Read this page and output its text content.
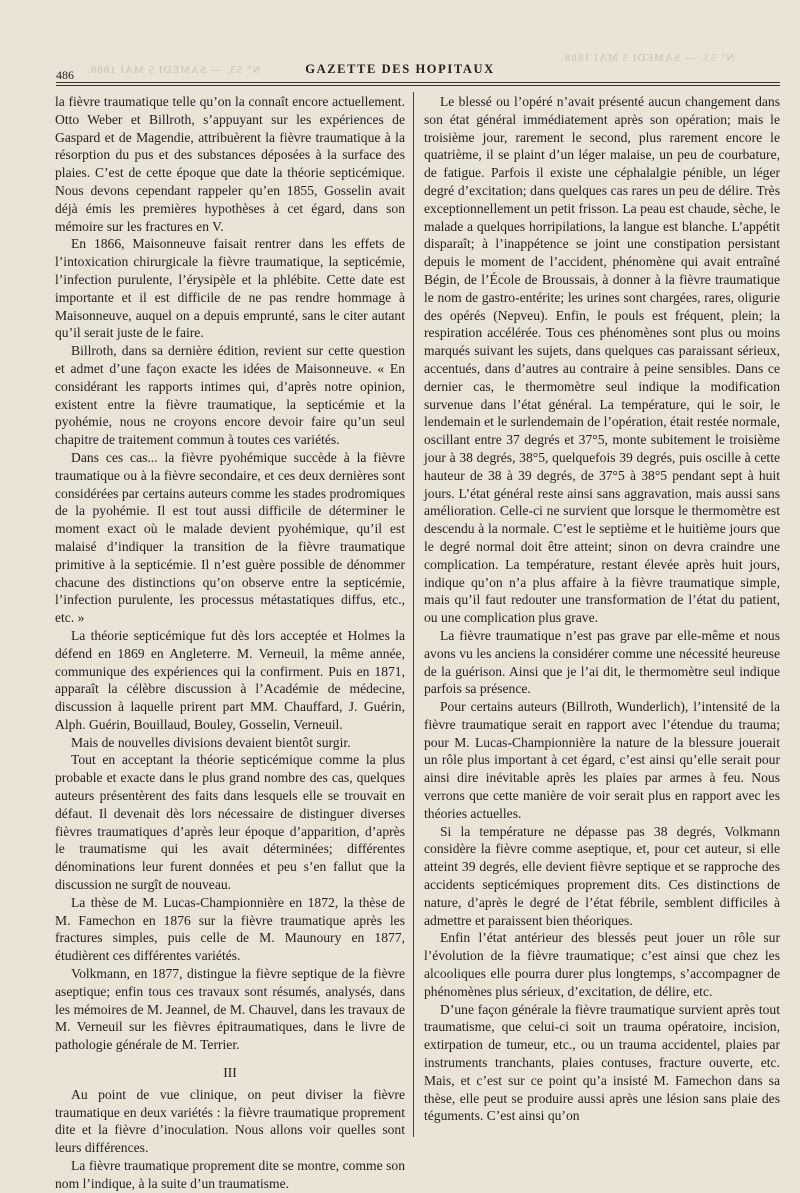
N° 53. — SAMEDI 5 MAI 1888.
N° 53. — SAMEDI 5 MAI 1888.
486	GAZETTE DES HOPITAUX

la fièvre traumatique telle qu’on la connaît encore actuellement. Otto Weber et Billroth, s’appuyant sur les expériences de Gaspard et de Magendie, attribuèrent la fièvre traumatique à la résorption du pus et des substances déposées à la surface des plaies. C’est de cette époque que date la théorie septicémique. Nous devons cependant rappeler qu’en 1855, Gosselin avait déjà émis les premières hypothèses à cet égard, dans son mémoire sur les fractures en V.

En 1866, Maisonneuve faisait rentrer dans les effets de l’intoxication chirurgicale la fièvre traumatique, la septicémie, l’infection purulente, l’érysipèle et la phlébite. Cette date est importante et il est difficile de ne pas rendre hommage à Maisonneuve, auquel on a depuis emprunté, sans le citer autant qu’il serait juste de le faire.

Billroth, dans sa dernière édition, revient sur cette question et admet d’une façon exacte les idées de Maisonneuve. « En considérant les rapports intimes qui, d’après notre opinion, existent entre la fièvre traumatique, la septicémie et la pyohémie, nous ne croyons encore devoir faire qu’un seul chapitre de traitement commun à toutes ces variétés.

Dans ces cas... la fièvre pyohémique succède à la fièvre traumatique ou à la fièvre secondaire, et ces deux dernières sont considérées par certains auteurs comme les stades prodromiques de la pyohémie. Il est tout aussi difficile de déterminer le moment exact où le malade devient pyohémique, qu’il est malaisé d’indiquer la transition de la fièvre traumatique primitive à la septicémie. Il n’est guère possible de dénommer chacune des distinctions qu’on observe entre la septicémie, l’infection purulente, les processus métastatiques diffus, etc., etc. »

La théorie septicémique fut dès lors acceptée et Holmes la défend en 1869 en Angleterre. M. Verneuil, la même année, communique des expériences qui la confirment. Puis en 1871, apparaît la célèbre discussion à l’Académie de médecine, discussion à laquelle prirent part MM. Chauffard, J. Guérin, Alph. Guérin, Bouillaud, Bouley, Gosselin, Verneuil.

Mais de nouvelles divisions devaient bientôt surgir.

Tout en acceptant la théorie septicémique comme la plus probable et exacte dans le plus grand nombre des cas, quelques auteurs présentèrent des faits dans lesquels elle se trouvait en défaut. Il devenait dès lors nécessaire de distinguer diverses fièvres traumatiques d’après leur époque d’apparition, d’après le traumatisme qui les avait déterminées; différentes dénominations leur furent données et peu s’en fallut que la discussion ne surgît de nouveau.

La thèse de M. Lucas-Championnière en 1872, la thèse de M. Famechon en 1876 sur la fièvre traumatique après les fractures simples, puis celle de M. Maunoury en 1877, étudièrent ces différentes variétés.

Volkmann, en 1877, distingue la fièvre septique de la fièvre aseptique; enfin tous ces travaux sont résumés, analysés, dans les mémoires de M. Jeannel, de M. Chauvel, dans les travaux de M. Verneuil sur les fièvres épitraumatiques, dans le livre de pathologie générale de M. Terrier.

III

Au point de vue clinique, on peut diviser la fièvre traumatique en deux variétés : la fièvre traumatique proprement dite et la fièvre d’inoculation. Nous allons voir quelles sont leurs différences.

La fièvre traumatique proprement dite se montre, comme son nom l’indique, à la suite d’un traumatisme.

Le blessé ou l’opéré n’avait présenté aucun changement dans son état général immédiatement après son opération; mais le troisième jour, rarement le second, plus rarement encore le quatrième, il se plaint d’un léger malaise, un peu de courbature, de fatigue. Parfois il existe une céphalalgie pénible, un léger degré d’excitation; dans quelques cas rares un peu de délire. Très exceptionnellement un petit frisson. La peau est chaude, sèche, le malade a quelques horripilations, la langue est blanche. L’appétit disparaît; à l’inappétence se joint une constipation persistant depuis le moment de l’accident, phénomène qui avait entraîné Bégin, de l’École de Broussais, à donner à la fièvre traumatique le nom de gastro-entérite; les urines sont chargées, rares, oligurie des opérés (Nepveu). Enfin, le pouls est fréquent, plein; la respiration accélérée. Tous ces phénomènes sont plus ou moins marqués suivant les sujets, dans quelques cas paraissant sérieux, accentués, dans d’autres au contraire à peine sensibles. Dans ce dernier cas, le thermomètre seul indique la modification survenue dans l’état général. La température, qui le soir, le lendemain et le surlendemain de l’opération, était restée normale, oscillant entre 37 degrés et 37°5, monte subitement le troisième jour à 38 degrés, 38°5, quelquefois 39 degrés, puis oscille à cette hauteur de 38 à 39 degrés, de 37°5 à 38°5 pendant sept à huit jours. L’état général reste ainsi sans aggravation, mais aussi sans amélioration. Celle-ci ne survient que lorsque le thermomètre est descendu à la normale. C’est le septième et le huitième jours que le degré normal doit être atteint; sinon on devra craindre une complication. La température, restant élevée après huit jours, indique qu’on n’a plus affaire à la fièvre traumatique simple, mais qu’il faut redouter une transformation de l’état du patient, ou une complication plus grave.

La fièvre traumatique n’est pas grave par elle-même et nous avons vu les anciens la considérer comme une nécessité heureuse de la guérison. Ainsi que je l’ai dit, le thermomètre seul indique parfois sa présence.

Pour certains auteurs (Billroth, Wunderlich), l’intensité de la fièvre traumatique serait en rapport avec l’étendue du trauma; pour M. Lucas-Championnière la nature de la blessure jouerait un rôle plus important à cet égard, c’est ainsi qu’elle serait pour ainsi dire inévitable après les plaies par armes à feu. Nous verrons que cette manière de voir serait plus en rapport avec les théories actuelles.

Si la température ne dépasse pas 38 degrés, Volkmann considère la fièvre comme aseptique, et, pour cet auteur, si elle atteint 39 degrés, elle devient fièvre septique et se rapproche des accidents septicémiques proprement dits. Ces distinctions de nature, d’après le degré de l’état fébrile, semblent difficiles à admettre et paraissent bien théoriques.

Enfin l’état antérieur des blessés peut jouer un rôle sur l’évolution de la fièvre traumatique; c’est ainsi que chez les alcooliques elle pourra durer plus longtemps, s’accompagner de phénomènes plus sérieux, d’excitation, de délire, etc.

D’une façon générale la fièvre traumatique survient après tout traumatisme, que celui-ci soit un trauma opératoire, incision, extirpation de tumeur, etc., ou un trauma accidentel, plaies par instruments tranchants, plaies contuses, fracture ouverte, etc. Mais, et c’est sur ce point qu’a insisté M. Famechon dans sa thèse, elle peut se produire aussi après une lésion sans plaie des téguments. C’est ainsi qu’on
